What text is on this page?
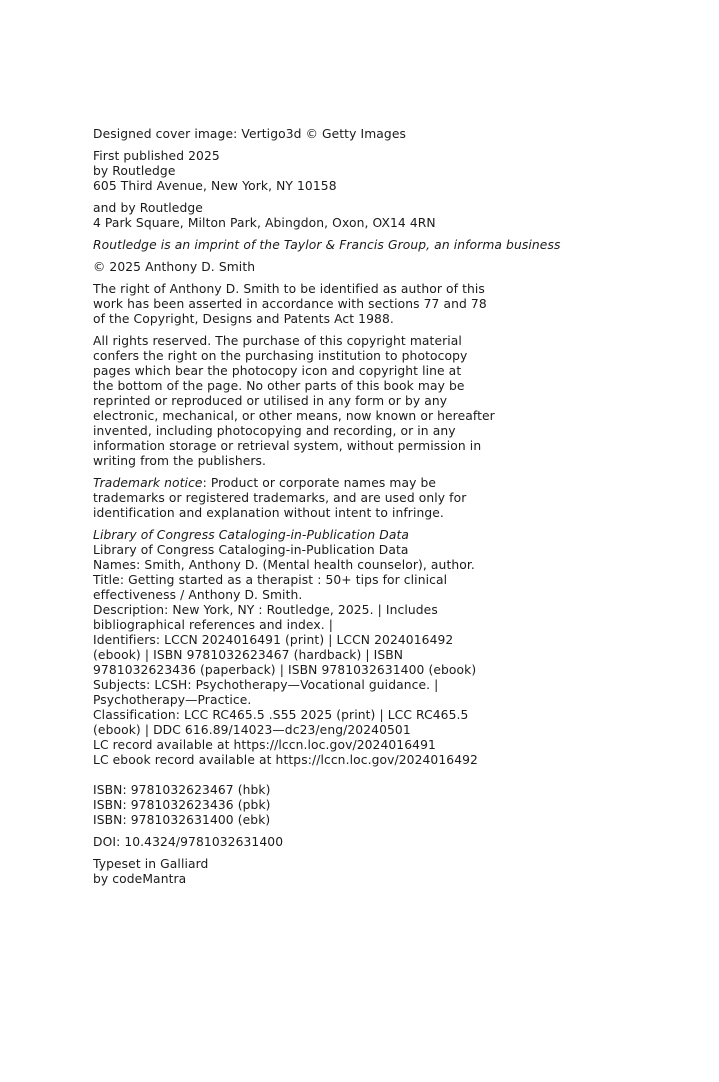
Designed cover image: Vertigo3d © Getty Images
First published 2025
by Routledge
605 Third Avenue, New York, NY 10158
and by Routledge
4 Park Square, Milton Park, Abingdon, Oxon, OX14 4RN
Routledge is an imprint of the Taylor & Francis Group, an informa business
© 2025 Anthony D. Smith
The right of Anthony D. Smith to be identified as author of this
work has been asserted in accordance with sections 77 and 78
of the Copyright, Designs and Patents Act 1988.
All rights reserved. The purchase of this copyright material
confers the right on the purchasing institution to photocopy
pages which bear the photocopy icon and copyright line at
the bottom of the page. No other parts of this book may be
reprinted or reproduced or utilised in any form or by any
electronic, mechanical, or other means, now known or hereafter
invented, including photocopying and recording, or in any
information storage or retrieval system, without permission in
writing from the publishers.
Trademark notice: Product or corporate names may be
trademarks or registered trademarks, and are used only for
identification and explanation without intent to infringe.
Library of Congress Cataloging-in-Publication Data
Library of Congress Cataloging-in-Publication Data
Names: Smith, Anthony D. (Mental health counselor), author.
Title: Getting started as a therapist : 50+ tips for clinical
effectiveness / Anthony D. Smith.
Description: New York, NY : Routledge, 2025. | Includes
bibliographical references and index. |
Identifiers: LCCN 2024016491 (print) | LCCN 2024016492
(ebook) | ISBN 9781032623467 (hardback) | ISBN
9781032623436 (paperback) | ISBN 9781032631400 (ebook)
Subjects: LCSH: Psychotherapy—Vocational guidance. |
Psychotherapy—Practice.
Classification: LCC RC465.5 .S55 2025 (print) | LCC RC465.5
(ebook) | DDC 616.89/14023—dc23/eng/20240501
LC record available at https://lccn.loc.gov/2024016491
LC ebook record available at https://lccn.loc.gov/2024016492
ISBN: 9781032623467 (hbk)
ISBN: 9781032623436 (pbk)
ISBN: 9781032631400 (ebk)
DOI: 10.4324/9781032631400
Typeset in Galliard
by codeMantra
